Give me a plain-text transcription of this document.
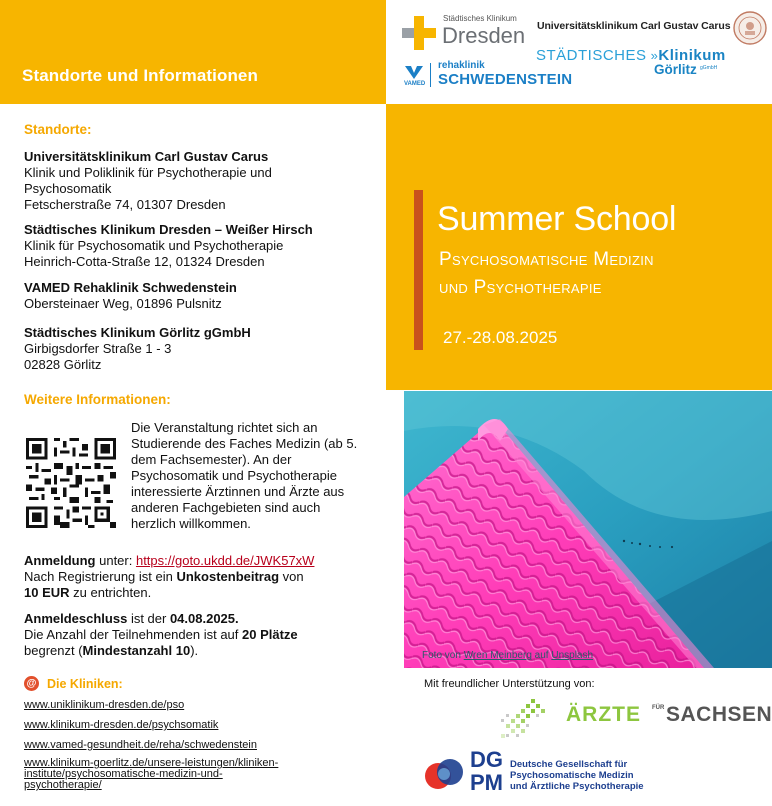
Standorte und Informationen
Standorte:
Universitätsklinikum Carl Gustav Carus
Klinik und Poliklinik für Psychotherapie und
Psychosomatik
Fetscherstraße 74, 01307 Dresden
Städtisches Klinikum Dresden – Weißer Hirsch
Klinik für Psychosomatik und Psychotherapie
Heinrich-Cotta-Straße 12, 01324 Dresden
VAMED Rehaklinik Schwedenstein
Obersteinaer Weg, 01896 Pulsnitz
Städtisches Klinikum Görlitz gGmbH
Girbigsdorfer Straße 1 - 3
02828 Görlitz
Weitere Informationen:
Die Veranstaltung richtet sich an Studierende des Faches Medizin (ab 5. dem Fachsemester). An der Psychosomatik und Psychotherapie interessierte Ärztinnen und Ärzte aus anderen Fachgebieten sind auch herzlich willkommen.
Anmeldung unter: https://goto.ukdd.de/JWK57xW
Nach Registrierung ist ein Unkostenbeitrag von
10 EUR zu entrichten.
Anmeldeschluss ist der 04.08.2025.
Die Anzahl der Teilnehmenden ist auf 20 Plätze
begrenzt (Mindestanzahl 10).
@ Die Kliniken:
www.uniklinikum-dresden.de/pso
www.klinikum-dresden.de/psychsomatik
www.vamed-gesundheit.de/reha/schwedenstein
www.klinikum-goerlitz.de/unsere-leistungen/kliniken-
institute/psychosomatische-medizin-und-
psychotherapie/
Städtisches Klinikum
Dresden Universitätsklinikum Carl Gustav Carus
STÄDTISCHES »Klinikum
Görlitz gGmbH
VAMED
rehaklinik
SCHWEDENSTEIN
Summer School
Psychosomatische Medizin
und Psychotherapie
27.-28.08.2025
Foto von Wren Meinberg auf Unsplash
Mit freundlicher Unterstützung von:
ÄRZTE FÜR SACHSEN
DG
PM
Deutsche Gesellschaft für
Psychosomatische Medizin
und Ärztliche Psychotherapie
